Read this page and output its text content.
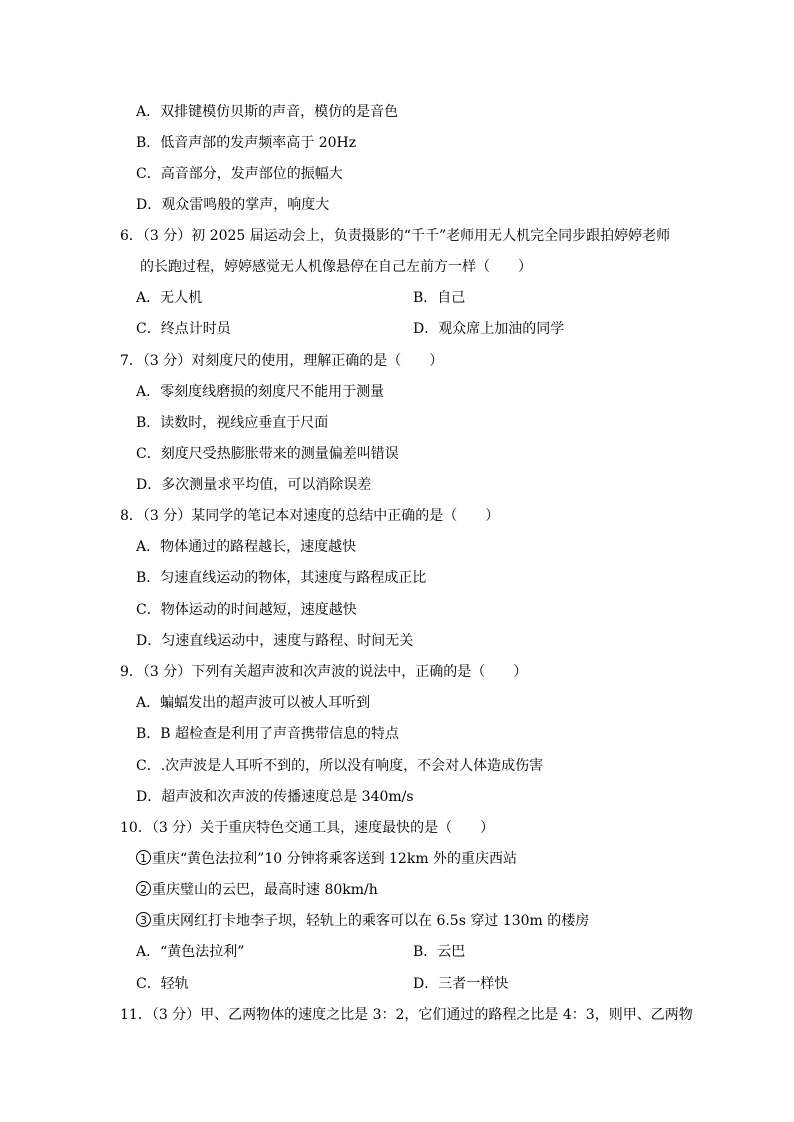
A．双排键模仿贝斯的声音，模仿的是音色
B．低音声部的发声频率高于 20Hz
C．高音部分，发声部位的振幅大
D．观众雷鸣般的掌声，响度大
6．（3 分）初 2025 届运动会上，负责摄影的“千千”老师用无人机完全同步跟拍婷婷老师
的长跑过程，婷婷感觉无人机像悬停在自己左前方一样（　　）
A．无人机	B．自己
C．终点计时员	D．观众席上加油的同学
7．（3 分）对刻度尺的使用，理解正确的是（　　）
A．零刻度线磨损的刻度尺不能用于测量
B．读数时，视线应垂直于尺面
C．刻度尺受热膨胀带来的测量偏差叫错误
D．多次测量求平均值，可以消除误差
8．（3 分）某同学的笔记本对速度的总结中正确的是（　　）
A．物体通过的路程越长，速度越快
B．匀速直线运动的物体，其速度与路程成正比
C．物体运动的时间越短，速度越快
D．匀速直线运动中，速度与路程、时间无关
9．（3 分）下列有关超声波和次声波的说法中，正确的是（　　）
A．蝙蝠发出的超声波可以被人耳听到
B．B 超检查是利用了声音携带信息的特点
C．.次声波是人耳听不到的，所以没有响度，不会对人体造成伤害
D．超声波和次声波的传播速度总是 340m/s
10．（3 分）关于重庆特色交通工具，速度最快的是（　　）
1 重庆“黄色法拉利”10 分钟将乘客送到 12km 外的重庆西站
2 重庆璧山的云巴，最高时速 80km/h
3 重庆网红打卡地李子坝，轻轨上的乘客可以在 6.5s 穿过 130m 的楼房
A．“黄色法拉利”	B．云巴
C．轻轨	D．三者一样快
11．（3 分）甲、乙两物体的速度之比是 3：2，它们通过的路程之比是 4：3，则甲、乙两物
